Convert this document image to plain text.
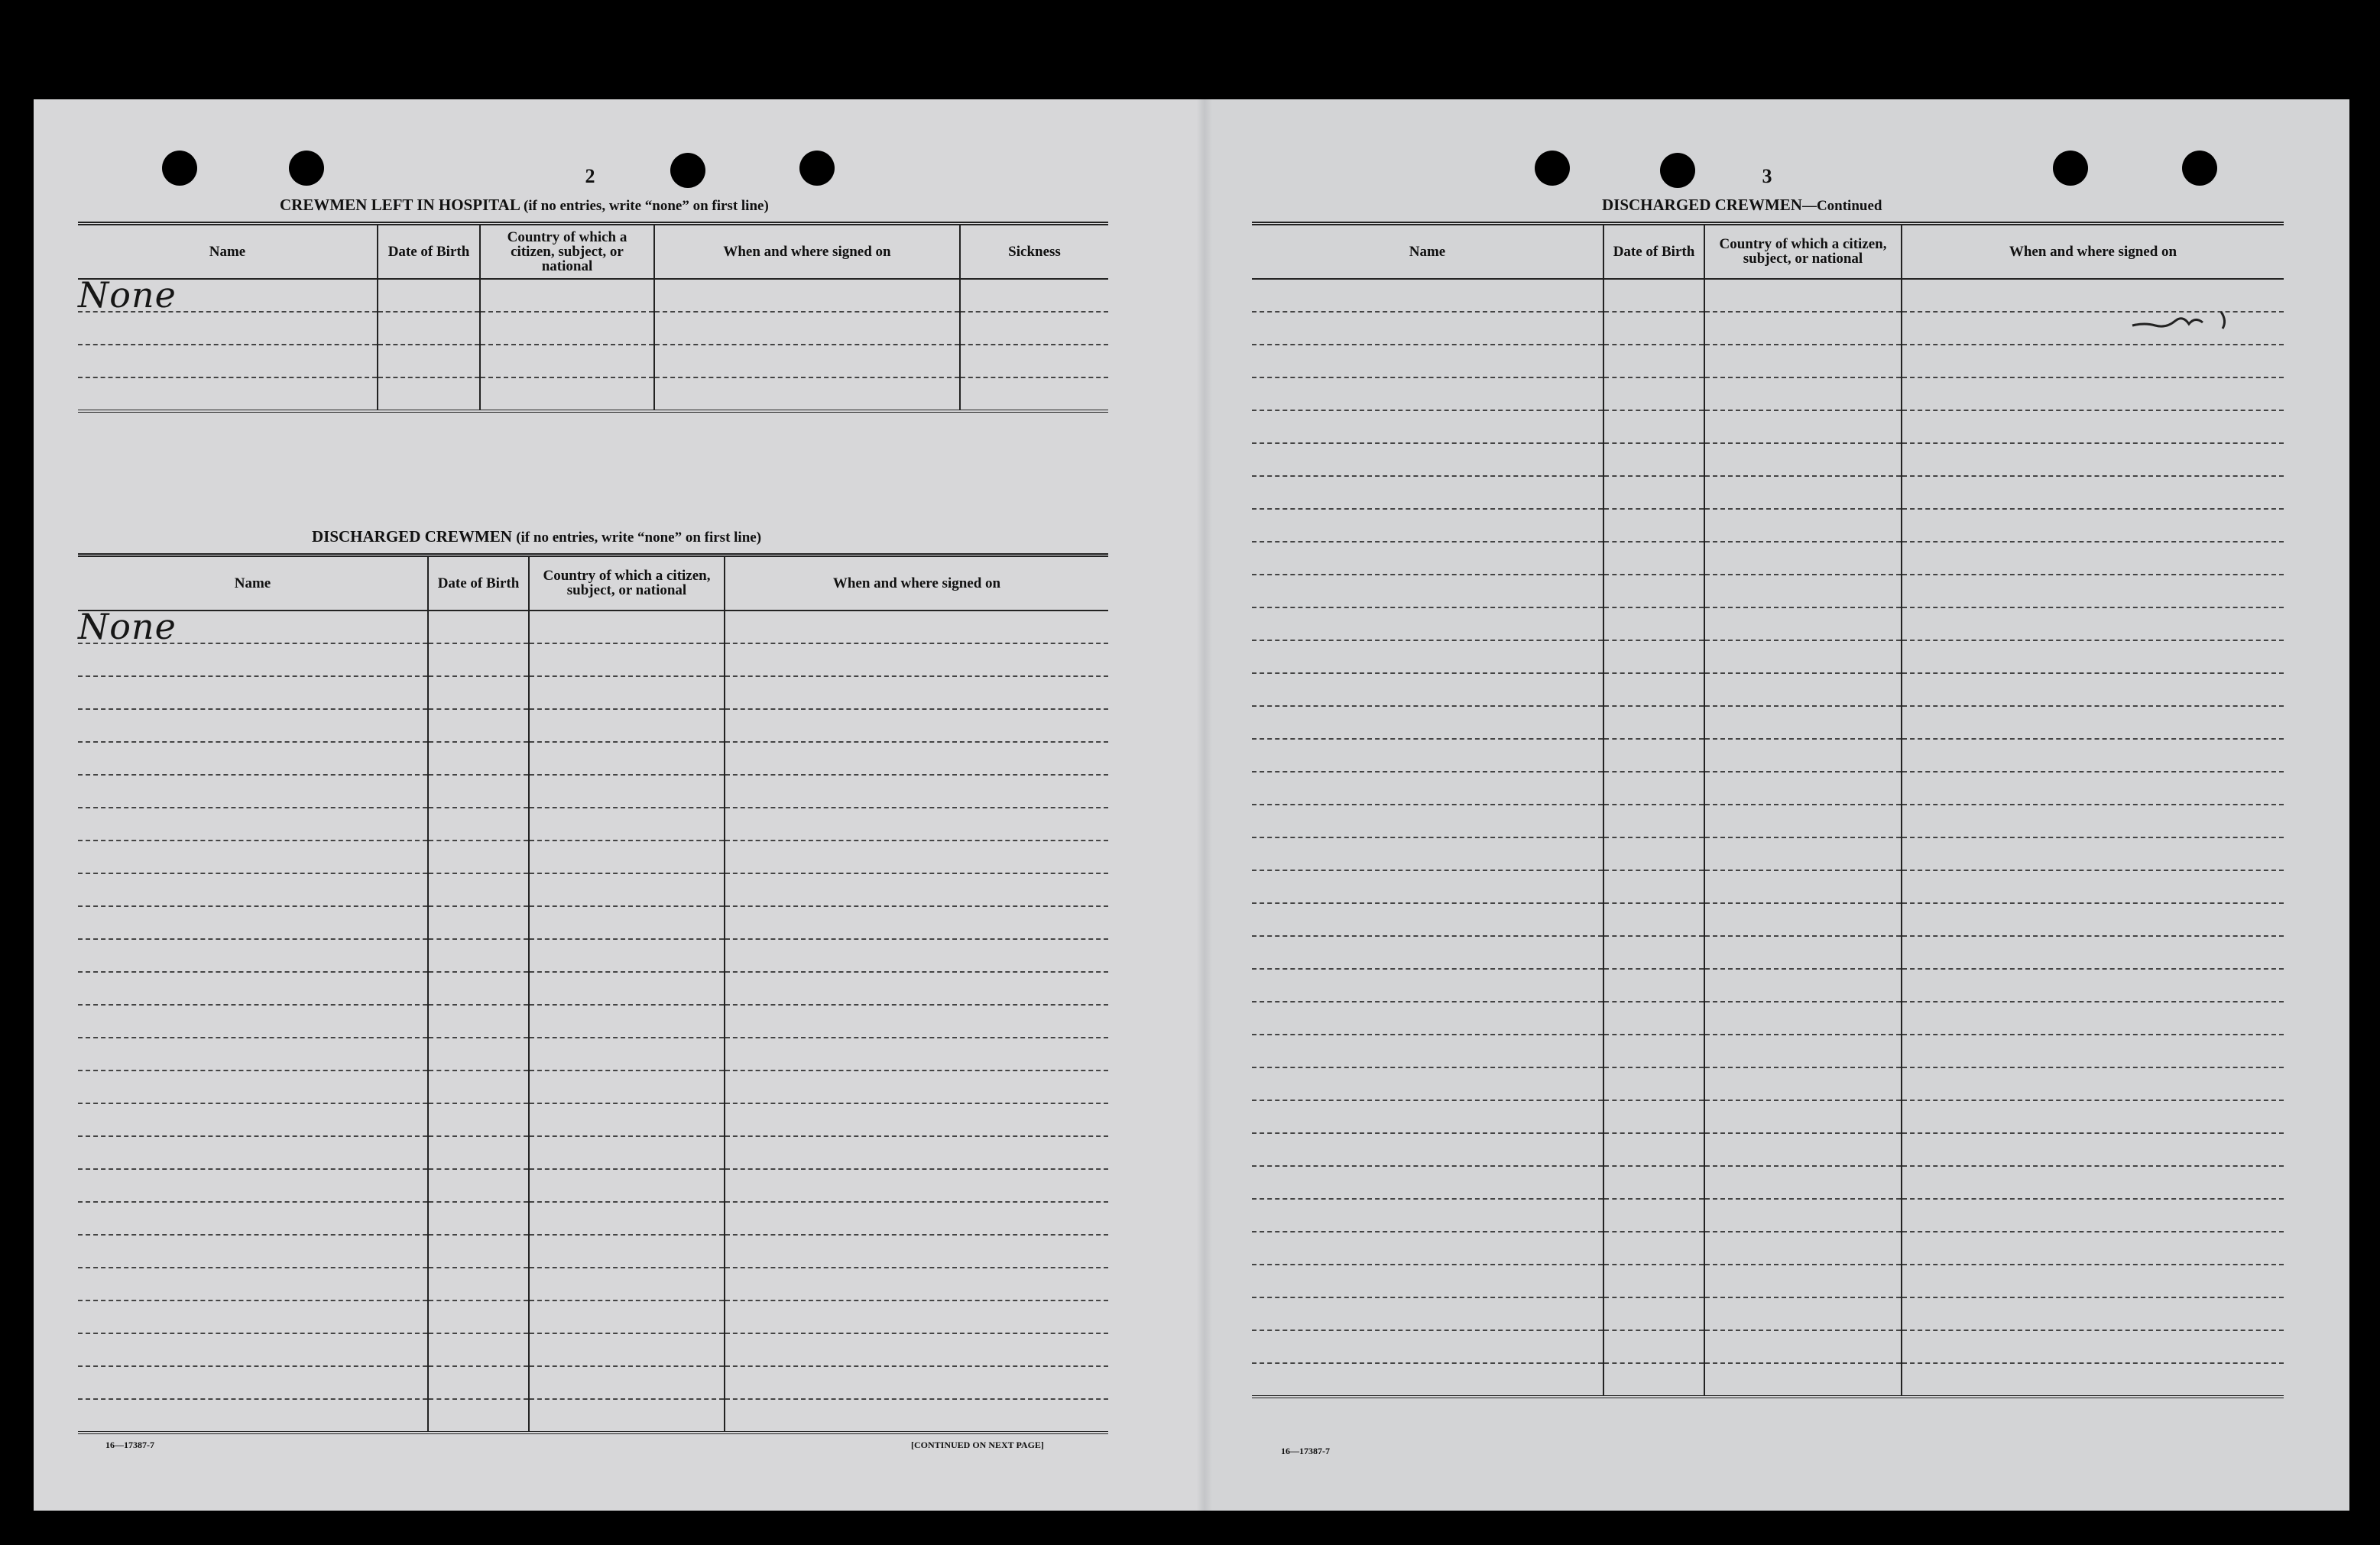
2
CREWMEN LEFT IN HOSPITAL (if no entries, write “none” on first line)
Name	Date of Birth	Country of which a citizen, subject, or national	When and where signed on	Sickness
None				

DISCHARGED CREWMEN (if no entries, write “none” on first line)
Name	Date of Birth	Country of which a citizen, subject, or national	When and where signed on
None			

16—17387-7	[CONTINUED ON NEXT PAGE]
3
DISCHARGED CREWMEN—Continued
Name	Date of Birth	Country of which a citizen, subject, or national	When and where signed on

16—17387-7
